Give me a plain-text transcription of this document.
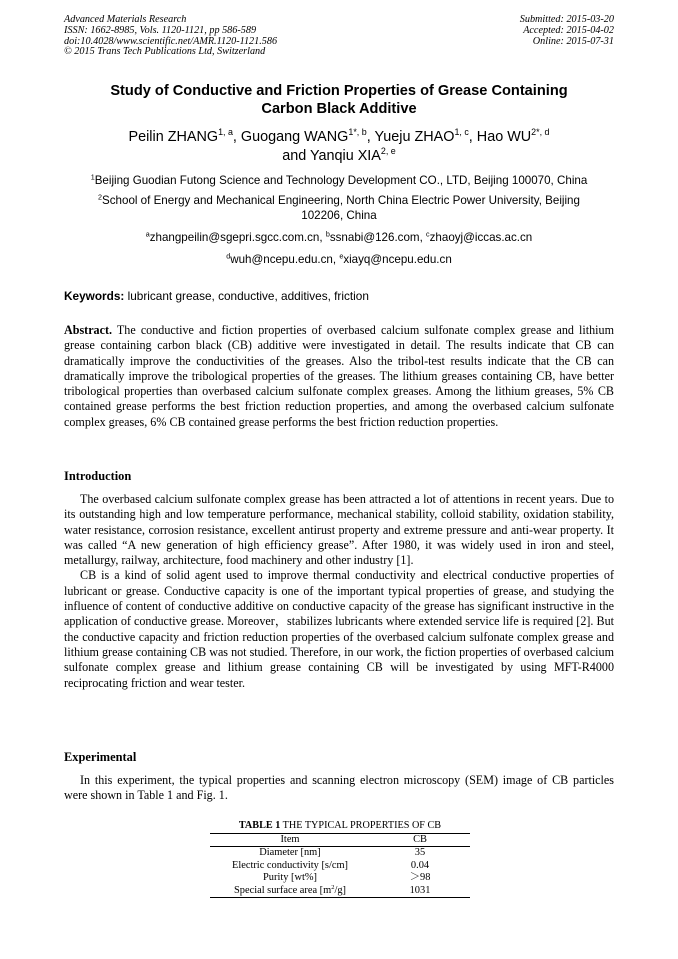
Advanced Materials Research
ISSN: 1662-8985, Vols. 1120-1121, pp 586-589
doi:10.4028/www.scientific.net/AMR.1120-1121.586
© 2015 Trans Tech Publications Ltd, Switzerland
Submitted: 2015-03-20
Accepted: 2015-04-02
Online: 2015-07-31
Study of Conductive and Friction Properties of Grease Containing
Carbon Black Additive
Peilin ZHANG$^{1, a}$, Guogang $WANG^{1*, b}$, Yueju ZHAO$^{1, c}$, Hao $WU^{2*, d}$
and Yanqiu XIA$^{2, e}$
$^1$Beijing Guodian Futong Science and Technology Development CO., LTD, Beijing 100070, China
$^2$School of Energy and Mechanical Engineering, North China Electric Power University, Beijing
102206, China
$^a$zhangpeilin@sgepri.sgcc.com.cn, $^b$ssnabi@126.com, $^c$zhaoyj@iccas.ac.cn
$^d$wuh@ncepu.edu.cn, $^e$xiayq@ncepu.edu.cn
Keywords: lubricant grease, conductive, additives, friction

Abstract. The conductive and fiction properties of overbased calcium sulfonate complex grease and lithium grease containing carbon black (CB) additive were investigated in detail. The results indicate that CB can dramatically improve the conductivities of the greases. Also the tribol-test results indicate that the CB can dramatically improve the tribological properties of the greases. The lithium greases containing CB, have better tribological properties than overbased calcium sulfonate complex greases. Among the lithium greases, 5% CB contained grease performs the best friction reduction properties, and among the overbased calcium sulfonate complex greases, 6% CB contained grease performs the best friction reduction properties.

Introduction

The overbased calcium sulfonate complex grease has been attracted a lot of attentions in recent years. Due to its outstanding high and low temperature performance, mechanical stability, colloid stability, oxidation stability, water resistance, corrosion resistance, excellent antirust property and extreme pressure and anti-wear property. It was called “A new generation of high efficiency grease”. After 1980, it was widely used in iron and steel, metallurgy, railway, architecture, food machinery and other industry [1].

CB is a kind of solid agent used to improve thermal conductivity and electrical conductive properties of lubricant or grease. Conductive capacity is one of the important typical properties of grease, and studying the influence of content of conductive additive on conductive capacity of the grease has significant instructive in the application of conductive grease. Moreover，stabilizes lubricants where extended service life is required [2]. But the conductive capacity and friction reduction properties of the overbased calcium sulfonate complex grease and lithium grease containing CB was not studied. Therefore, in our work, the fiction properties of overbased calcium sulfonate complex grease and lithium grease containing CB will be investigated by using MFT-R4000 reciprocating friction and wear tester.

Experimental

In this experiment, the typical properties and scanning electron microscopy (SEM) image of CB particles were shown in Table 1 and Fig. 1.

TABLE 1 THE TYPICAL PROPERTIES OF CB
Item	CB
Diameter [nm]	35
Electric conductivity [s/cm]	0.04
Purity [wt%]	＞98
Special surface area $[m^2/g]$	1031
